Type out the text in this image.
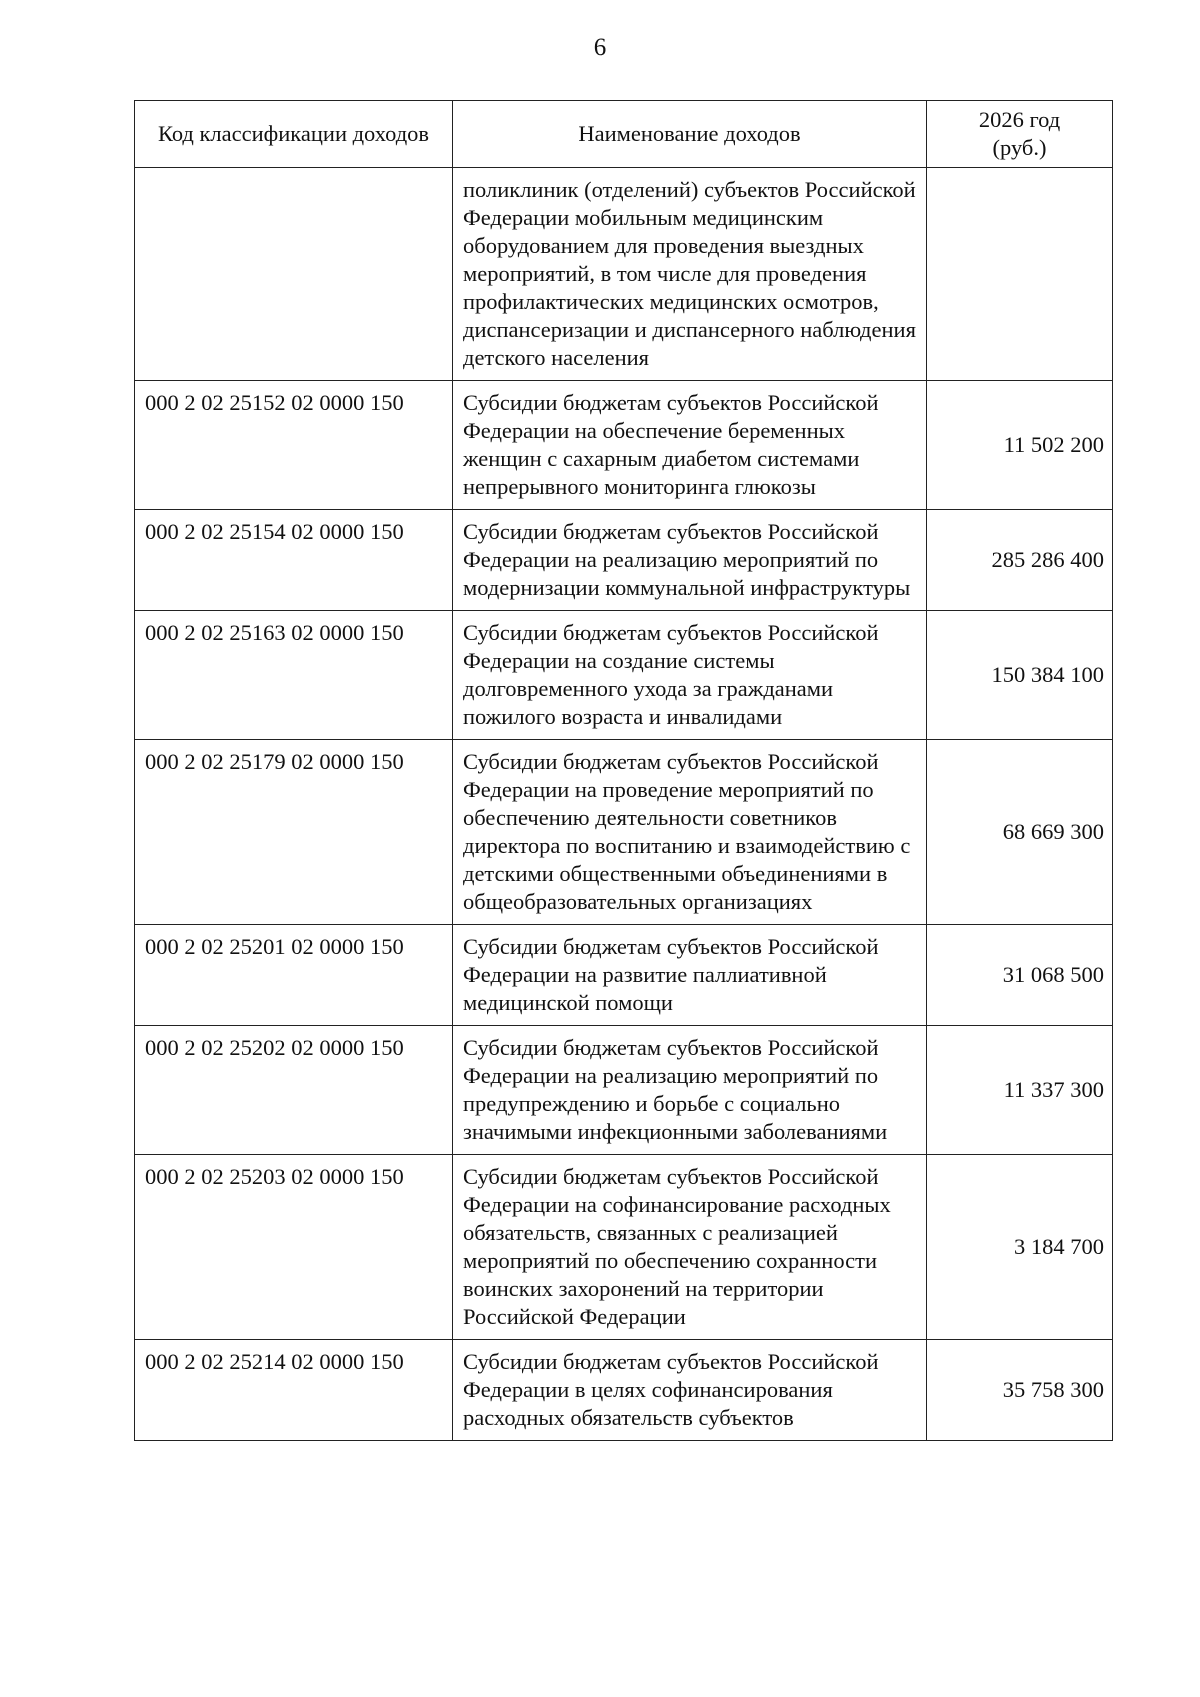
6
Код классификации доходов	Наименование доходов	2026 год
(руб.)
	поликлиник (отделений) субъектов Российской Федерации мобильным медицинским оборудованием для проведения выездных мероприятий, в том числе для проведения профилактических медицинских осмотров, диспансеризации и диспансерного наблюдения детского населения	
000 2 02 25152 02 0000 150	Субсидии бюджетам субъектов Российской Федерации на обеспечение беременных женщин с сахарным диабетом системами непрерывного мониторинга глюкозы	11 502 200
000 2 02 25154 02 0000 150	Субсидии бюджетам субъектов Российской Федерации на реализацию мероприятий по модернизации коммунальной инфраструктуры	285 286 400
000 2 02 25163 02 0000 150	Субсидии бюджетам субъектов Российской Федерации на создание системы долговременного ухода за гражданами пожилого возраста и инвалидами	150 384 100
000 2 02 25179 02 0000 150	Субсидии бюджетам субъектов Российской Федерации на проведение мероприятий по обеспечению деятельности советников директора по воспитанию и взаимодействию с детскими общественными объединениями в общеобразовательных организациях	68 669 300
000 2 02 25201 02 0000 150	Субсидии бюджетам субъектов Российской Федерации на развитие паллиативной медицинской помощи	31 068 500
000 2 02 25202 02 0000 150	Субсидии бюджетам субъектов Российской Федерации на реализацию мероприятий по предупреждению и борьбе с социально значимыми инфекционными заболеваниями	11 337 300
000 2 02 25203 02 0000 150	Субсидии бюджетам субъектов Российской Федерации на софинансирование расходных обязательств, связанных с реализацией мероприятий по обеспечению сохранности воинских захоронений на территории Российской Федерации	3 184 700
000 2 02 25214 02 0000 150	Субсидии бюджетам субъектов Российской Федерации в целях софинансирования расходных обязательств субъектов	35 758 300
